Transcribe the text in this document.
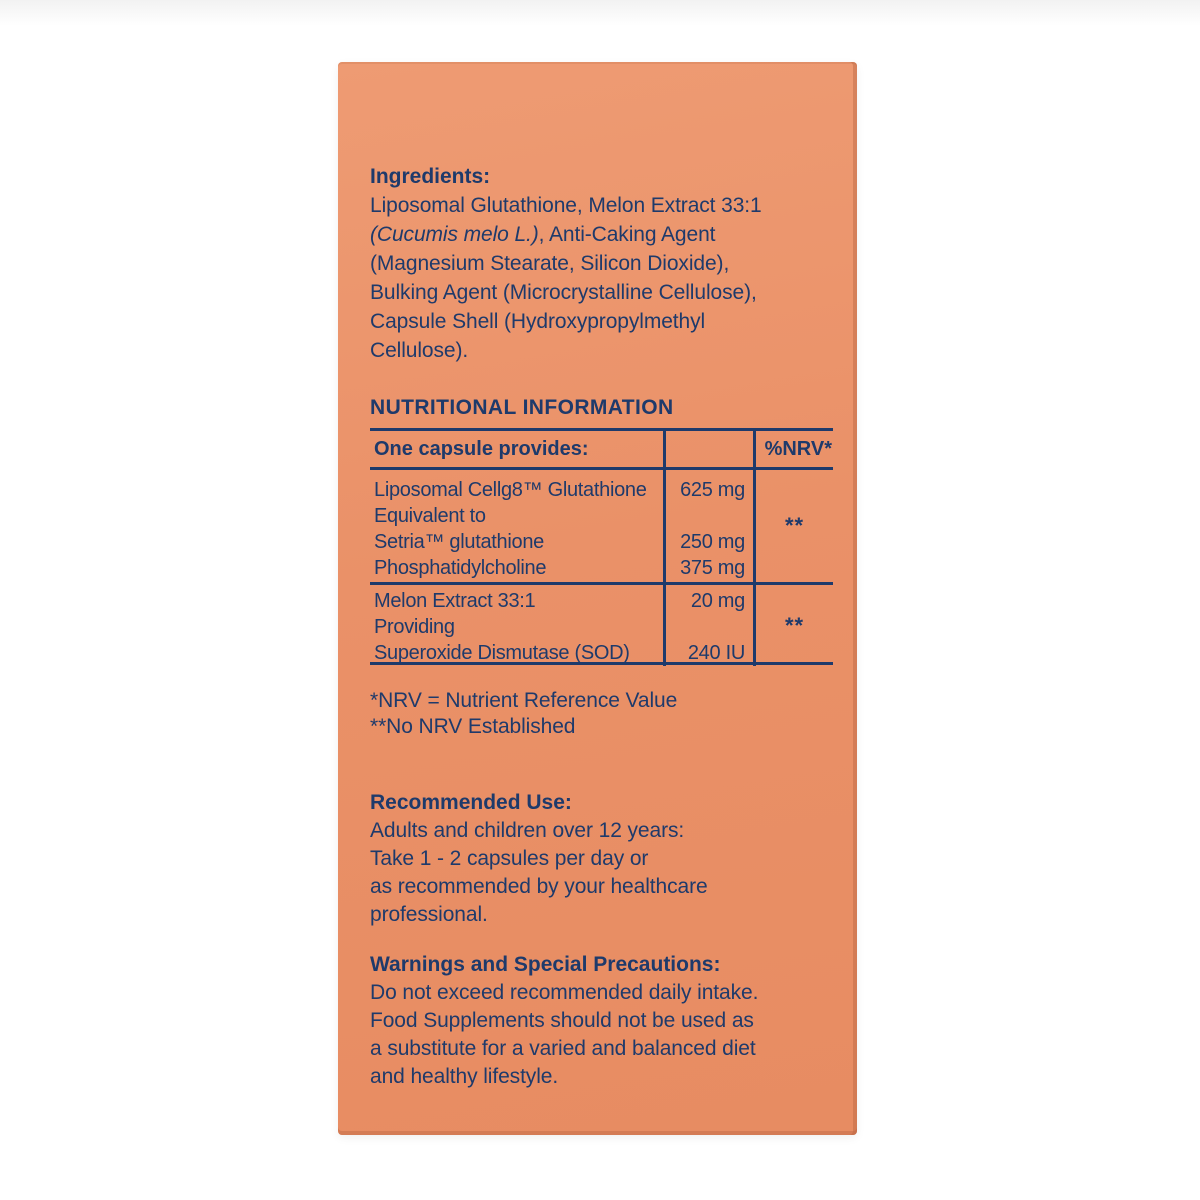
Ingredients:
Liposomal Glutathione, Melon Extract 33:1
(Cucumis melo L.), Anti-Caking Agent
(Magnesium Stearate, Silicon Dioxide),
Bulking Agent (Microcrystalline Cellulose),
Capsule Shell (Hydroxypropylmethyl
Cellulose).
NUTRITIONAL INFORMATION
One capsule provides:	%NRV*
Liposomal Cellg8™ Glutathione
Equivalent to
Setria™ glutathione
Phosphatidylcholine
625 mg
250 mg
375 mg
**
Melon Extract 33:1
Providing
Superoxide Dismutase (SOD)
20 mg
240 IU
**
*NRV = Nutrient Reference Value
**No NRV Established
Recommended Use:
Adults and children over 12 years:
Take 1 - 2 capsules per day or
as recommended by your healthcare
professional.
Warnings and Special Precautions:
Do not exceed recommended daily intake.
Food Supplements should not be used as
a substitute for a varied and balanced diet
and healthy lifestyle.
